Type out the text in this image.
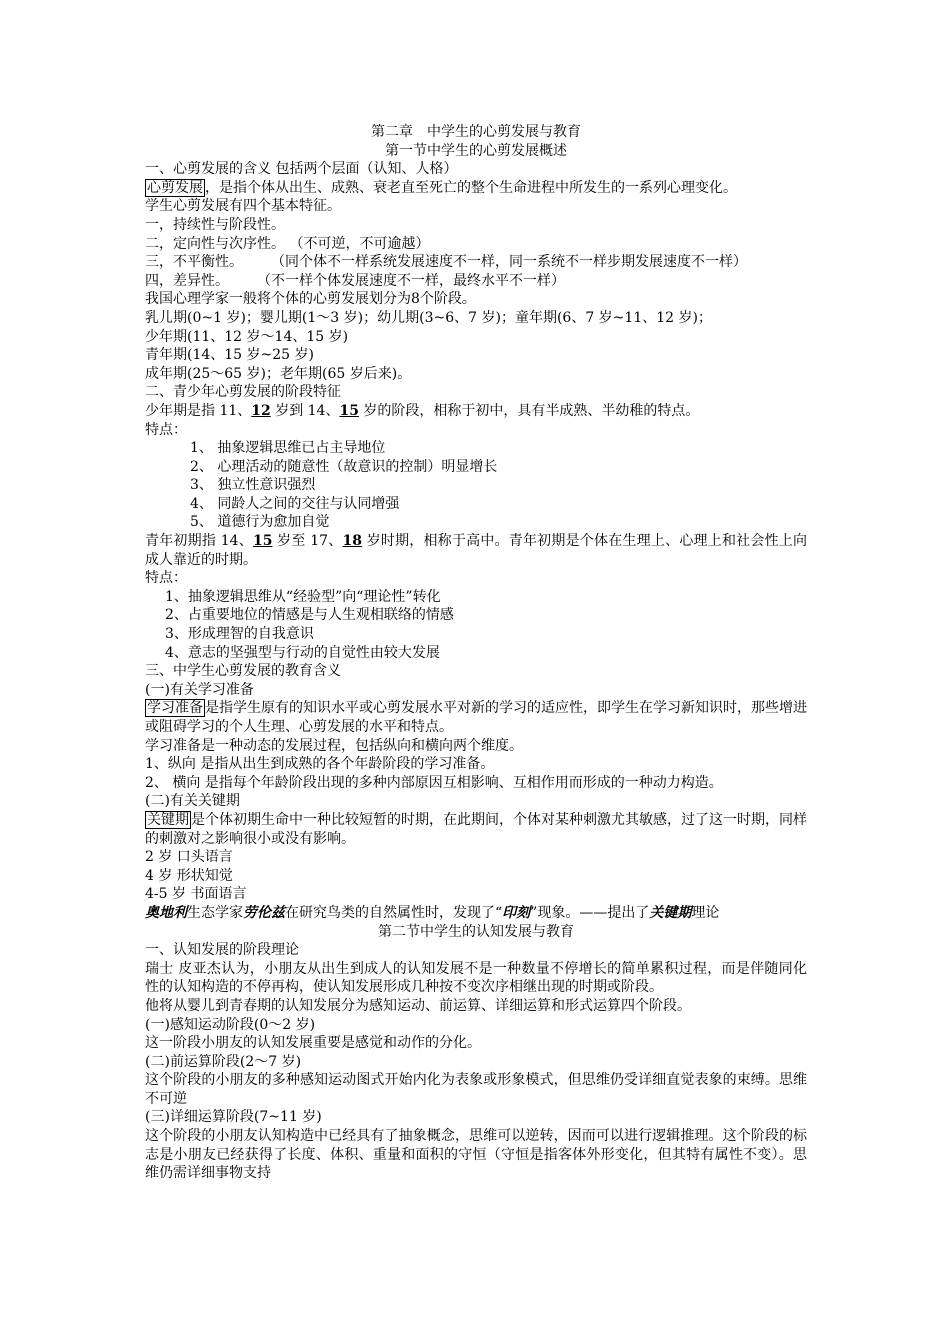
第二章　中学生的心剪发展与教育

第一节中学生的心剪发展概述

一、心剪发展的含义 包括两个层面（认知、人格）

心剪发展 ，是指个体从出生、成熟、衰老直至死亡的整个生命进程中所发生的一系列心理变化。

学生心剪发展有四个基本特征。

一，持续性与阶段性。

二，定向性与次序性。 （不可逆，不可逾越）

三，不平衡性。　　　（同个体不一样系统发展速度不一样，同一系统不一样步期发展速度不一样）

四，差异性。　　　（不一样个体发展速度不一样，最终水平不一样）

我国心理学家一般将个体的心剪发展划分为8个阶段。

乳儿期(0~1 岁)；婴儿期(1～3 岁)；幼儿期(3~6、7 岁)；童年期(6、7 岁~11、12 岁)；

少年期(11、12 岁～14、15 岁)

青年期(14、15 岁~25 岁)

成年期(25～65 岁)；老年期(65 岁后来)。

二、青少年心剪发展的阶段特征

少年期是指 11、12 岁到 14、15 岁的阶段，相称于初中，具有半成熟、半幼稚的特点。

特点：

1、 抽象逻辑思维已占主导地位

2、 心理活动的随意性（故意识的控制）明显增长

3、 独立性意识强烈

4、 同龄人之间的交往与认同增强

5、 道德行为愈加自觉

青年初期指 14、15 岁至 17、18 岁时期，相称于高中。青年初期是个体在生理上、心理上和社会性上向成人靠近的时期。

特点：

1、抽象逻辑思维从“经验型”向“理论性”转化

2、占重要地位的情感是与人生观相联络的情感

3、形成理智的自我意识

4、意志的坚强型与行动的自觉性由较大发展

三、中学生心剪发展的教育含义

(一)有关学习准备

学习准备 是指学生原有的知识水平或心剪发展水平对新的学习的适应性，即学生在学习新知识时，那些增进或阻碍学习的个人生理、心剪发展的水平和特点。

学习准备是一种动态的发展过程，包括纵向和横向两个维度。

1、纵向 是指从出生到成熟的各个年龄阶段的学习准备。

2、 横向 是指每个年龄阶段出现的多种内部原因互相影响、互相作用而形成的一种动力构造。

(二)有关关键期

关键期 是个体初期生命中一种比较短暂的时期，在此期间，个体对某种刺激尤其敏感，过了这一时期，同样的刺激对之影响很小或没有影响。

2 岁 口头语言

4 岁 形状知觉

4-5 岁 书面语言

奥地利生态学家劳伦兹在研究鸟类的自然属性时，发现了“印刻”现象。——提出了关键期理论

第二节中学生的认知发展与教育

一、认知发展的阶段理论

瑞士 皮亚杰认为，小朋友从出生到成人的认知发展不是一种数量不停增长的简单累积过程，而是伴随同化性的认知构造的不停再构，使认知发展形成几种按不变次序相继出现的时期或阶段。

他将从婴儿到青春期的认知发展分为感知运动、前运算、详细运算和形式运算四个阶段。

(一)感知运动阶段(0～2 岁)

这一阶段小朋友的认知发展重要是感觉和动作的分化。

(二)前运算阶段(2～7 岁)

这个阶段的小朋友的多种感知运动图式开始内化为表象或形象模式，但思维仍受详细直觉表象的束缚。思维不可逆

(三)详细运算阶段(7~11 岁)

这个阶段的小朋友认知构造中已经具有了抽象概念，思维可以逆转，因而可以进行逻辑推理。这个阶段的标志是小朋友已经获得了长度、体积、重量和面积的守恒（守恒是指客体外形变化，但其特有属性不变）。思维仍需详细事物支持
